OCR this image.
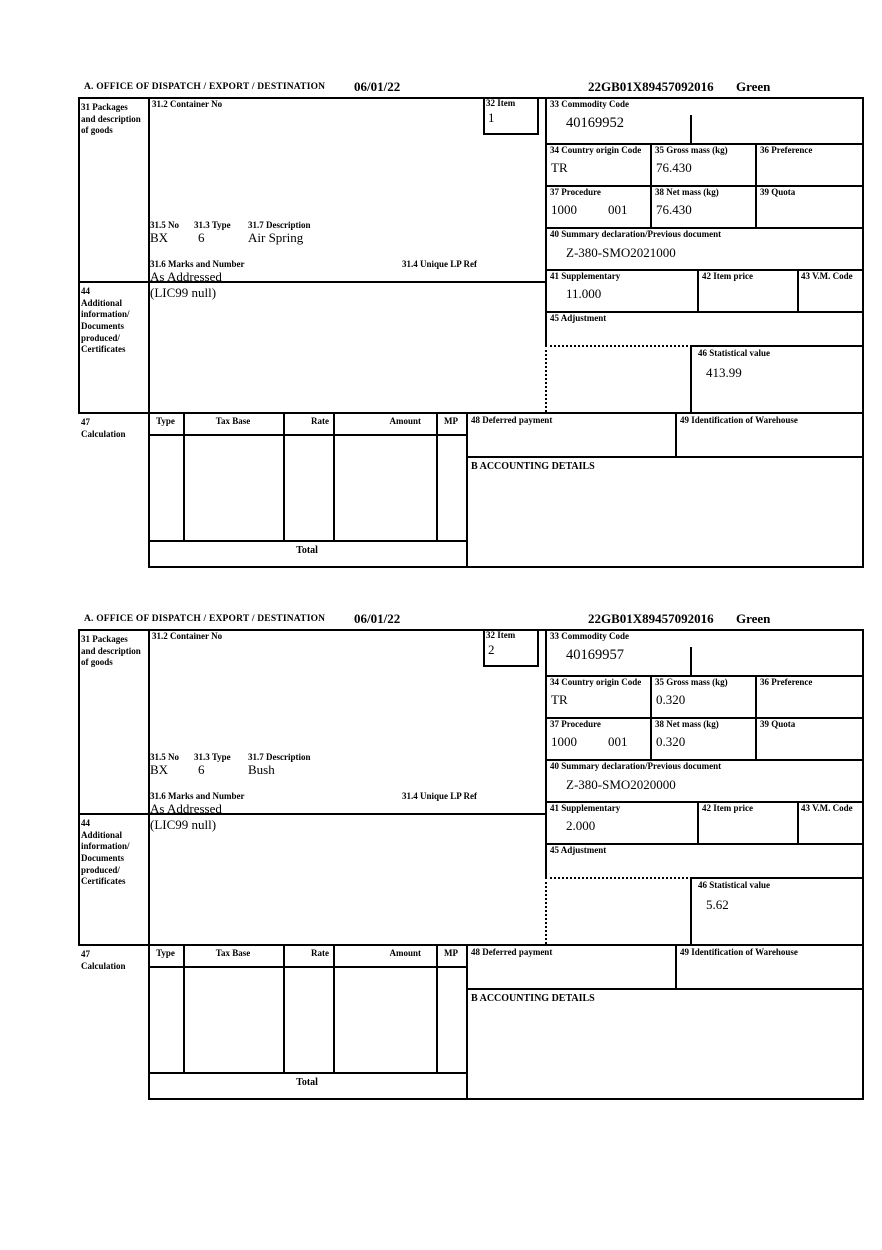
A. OFFICE OF DISPATCH / EXPORT / DESTINATION 06/01/22	22GB01X89457092016 Green
31 Packages and description of goods
44
Additional information/ Documents produced/ Certificates
47
Calculation
31.2 Container No
31.5 No 31.3 Type 31.7 Description
BX 6	Air Spring
31.6 Marks and Number	31.4 Unique LP Ref
As Addressed
(LIC99 null)
32 Item
1
33 Commodity Code
40169952
34 Country origin Code
TR
35 Gross mass (kg)
76.430
36 Preference
37 Procedure
1000 001
38 Net mass (kg)
76.430
39 Quota
40 Summary declaration/Previous document
Z-380-SMO2021000
41 Supplementary
11.000
42 Item price	43 V.M. Code
45 Adjustment
46 Statistical value
413.99
Type	Tax Base	Rate	Amount	MP	48 Deferred payment	49 Identification of Warehouse
B ACCOUNTING DETAILS
Total
A. OFFICE OF DISPATCH / EXPORT / DESTINATION 06/01/22	22GB01X89457092016 Green
31 Packages and description of goods
44
Additional information/ Documents produced/ Certificates
47
Calculation
31.2 Container No
31.5 No 31.3 Type 31.7 Description
BX 6	Bush
31.6 Marks and Number	31.4 Unique LP Ref
As Addressed
(LIC99 null)
32 Item
2
33 Commodity Code
40169957
34 Country origin Code
TR
35 Gross mass (kg)
0.320
36 Preference
37 Procedure
1000 001
38 Net mass (kg)
0.320
39 Quota
40 Summary declaration/Previous document
Z-380-SMO2020000
41 Supplementary
2.000
42 Item price	43 V.M. Code
45 Adjustment
46 Statistical value
5.62
Type	Tax Base	Rate	Amount	MP	48 Deferred payment	49 Identification of Warehouse
B ACCOUNTING DETAILS
Total
